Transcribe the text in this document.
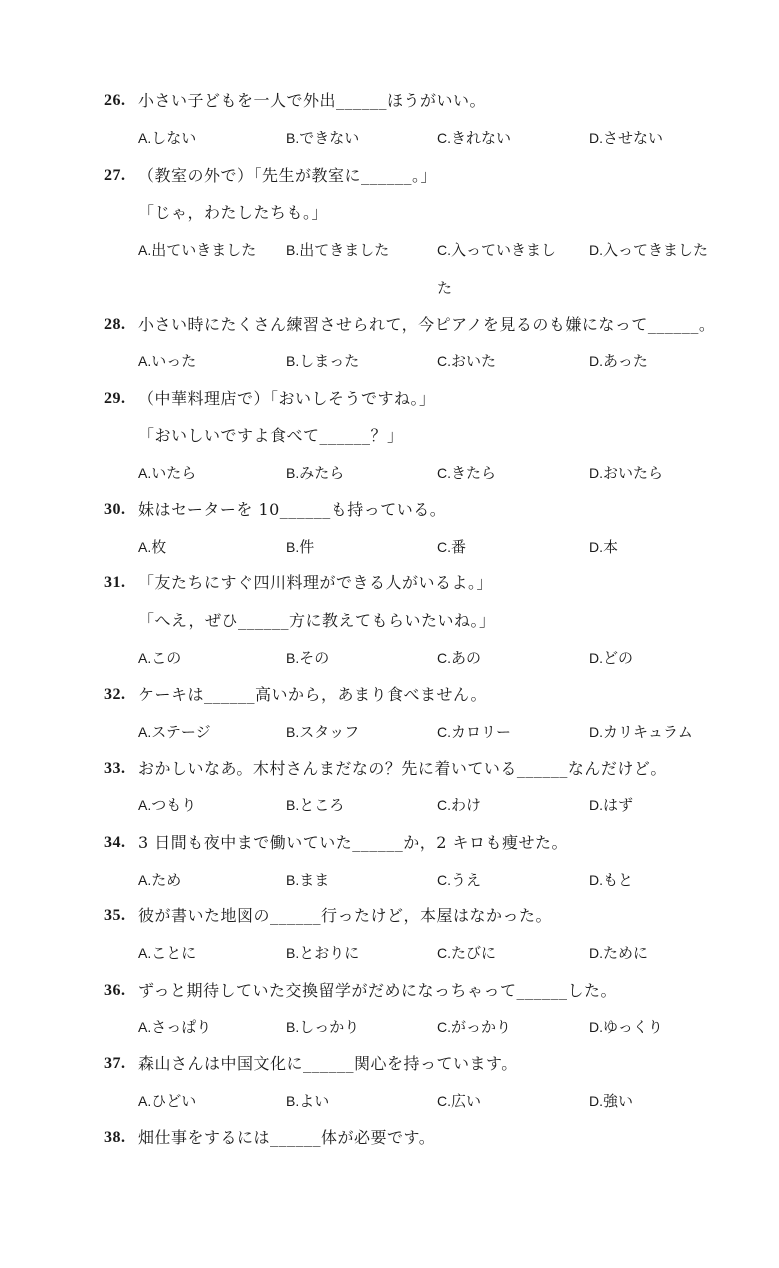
26. 小さい子どもを一人で外出______ほうがいい。
A.しない	B.できない	C.きれない	D.させない
27. （教室の外で）「先生が教室に______。」
「じゃ，わたしたちも。」
A.出ていきました B.出てきました	C.入っていきまし D.入ってきました
た
28. 小さい時にたくさん練習させられて，今ピアノを見るのも嫌になって______。
A.いった	B.しまった	C.おいた	D.あった
29. （中華料理店で）「おいしそうですね。」
「おいしいですよ食べて______？」
A.いたら	B.みたら	C.きたら	D.おいたら
30. 妹はセーターを 10______も持っている。
A.枚	B.件	C.番	D.本
31. 「友たちにすぐ四川料理ができる人がいるよ。」
「へえ，ぜひ______方に教えてもらいたいね。」
A.この	B.その	C.あの	D.どの
32. ケーキは______高いから，あまり食べません。
A.ステージ	B.スタッフ	C.カロリー	D.カリキュラム
33. おかしいなあ。木村さんまだなの？先に着いている______なんだけど。
A.つもり	B.ところ	C.わけ	D.はず
34. 3 日間も夜中まで働いていた______か，2 キロも痩せた。
A.ため	B.まま	C.うえ	D.もと
35. 彼が書いた地図の______行ったけど，本屋はなかった。
A.ことに	B.とおりに	C.たびに	D.ために
36. ずっと期待していた交換留学がだめになっちゃって______した。
A.さっぱり	B.しっかり	C.がっかり	D.ゆっくり
37. 森山さんは中国文化に______関心を持っています。
A.ひどい	B.よい	C.広い	D.強い
38. 畑仕事をするには______体が必要です。
